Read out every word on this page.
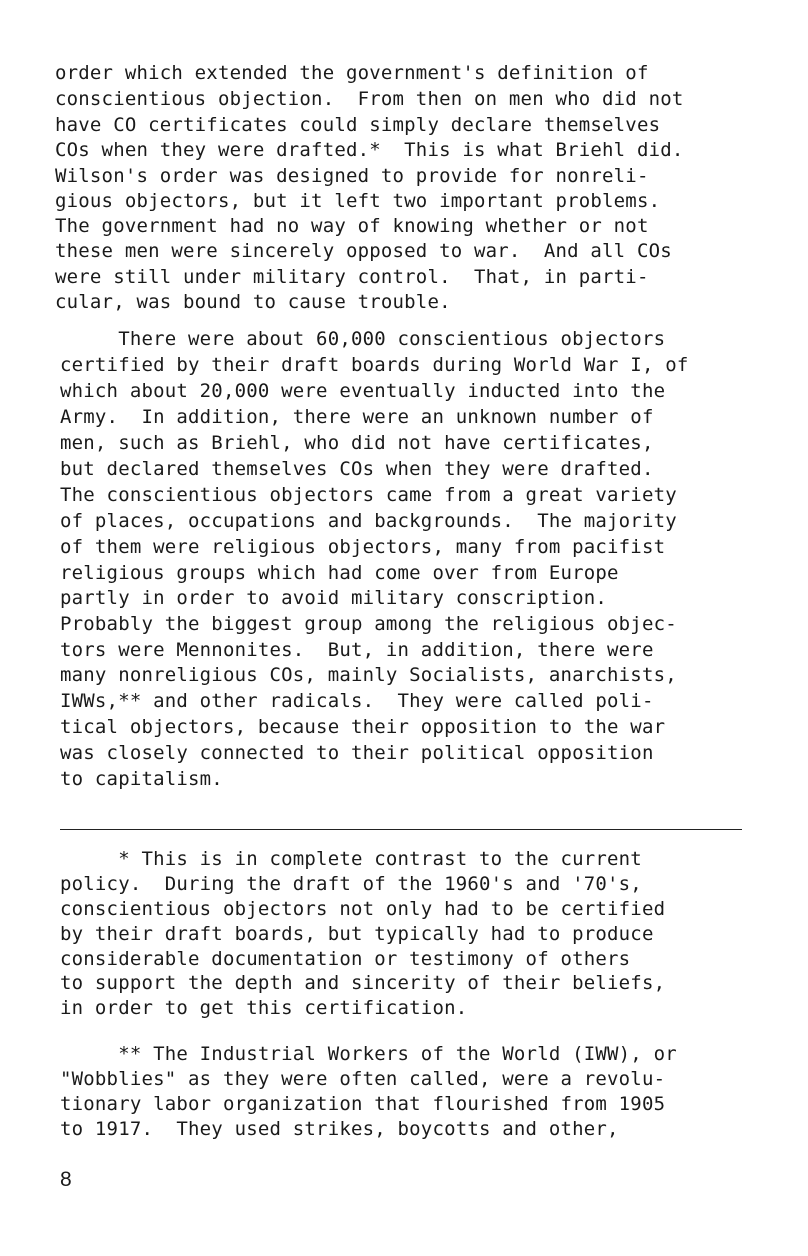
order which extended the government's definition of
conscientious objection.  From then on men who did not
have CO certificates could simply declare themselves
COs when they were drafted.*  This is what Briehl did.
Wilson's order was designed to provide for nonreli-
gious objectors, but it left two important problems.
The government had no way of knowing whether or not
these men were sincerely opposed to war.  And all COs
were still under military control.  That, in parti-
cular, was bound to cause trouble.
There were about 60,000 conscientious objectors
certified by their draft boards during World War I, of
which about 20,000 were eventually inducted into the
Army.  In addition, there were an unknown number of
men, such as Briehl, who did not have certificates,
but declared themselves COs when they were drafted.
The conscientious objectors came from a great variety
of places, occupations and backgrounds.  The majority
of them were religious objectors, many from pacifist
religious groups which had come over from Europe
partly in order to avoid military conscription.
Probably the biggest group among the religious objec-
tors were Mennonites.  But, in addition, there were
many nonreligious COs, mainly Socialists, anarchists,
IWWs,** and other radicals.  They were called poli-
tical objectors, because their opposition to the war
was closely connected to their political opposition
to capitalism.
* This is in complete contrast to the current
policy.  During the draft of the 1960's and '70's,
conscientious objectors not only had to be certified
by their draft boards, but typically had to produce
considerable documentation or testimony of others
to support the depth and sincerity of their beliefs,
in order to get this certification.
** The Industrial Workers of the World (IWW), or
"Wobblies" as they were often called, were a revolu-
tionary labor organization that flourished from 1905
to 1917.  They used strikes, boycotts and other,
8
